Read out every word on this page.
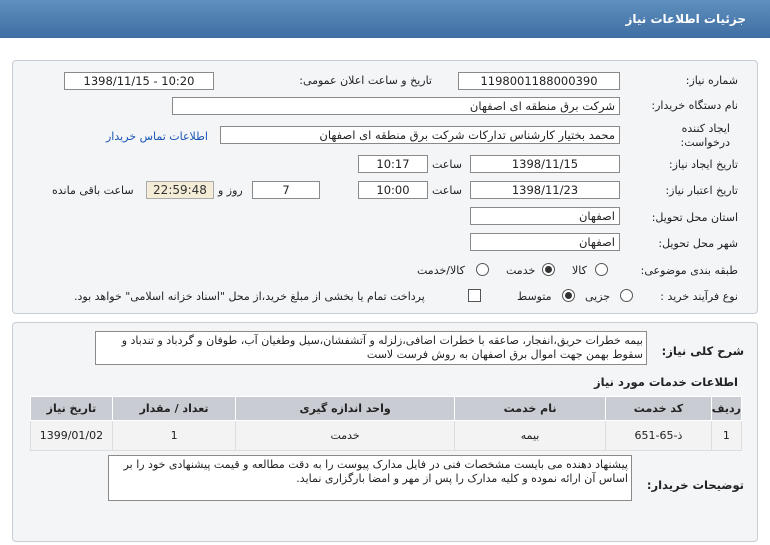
جزئیات اطلاعات نیاز
شماره نیاز:
1198001188000390
تاریخ و ساعت اعلان عمومی:
1398/11/15 - 10:20
نام دستگاه خریدار:
شرکت برق منطقه ای اصفهان
ایجاد کننده
درخواست:
محمد بختیار کارشناس تدارکات شرکت برق منطقه ای اصفهان
اطلاعات تماس خریدار
تاریخ ایجاد نیاز:
1398/11/15
ساعت
10:17
تاریخ اعتبار نیاز:
1398/11/23
ساعت
10:00
7
روز و
22:59:48
ساعت باقی مانده
استان محل تحویل:
اصفهان
شهر محل تحویل:
اصفهان
طبقه بندی موضوعی:
کالا
خدمت
کالا/خدمت
نوع فرآیند خرید :
جزیی
متوسط
پرداخت تمام یا بخشی از مبلغ خرید،از محل "اسناد خزانه اسلامی" خواهد بود.
شرح کلی نیاز:
بیمه خطرات حریق،انفجار، صاعقه با خطرات اضافی،زلزله و آتشفشان،سیل وطغیان آب، طوفان و گردباد و تندباد و سقوط بهمن جهت اموال برق اصفهان به روش فرست لاست
اطلاعات خدمات مورد نیاز
تاریخ نیاز	تعداد / مقدار	واحد اندازه گیری	نام خدمت	کد خدمت	ردیف
1399/01/02	1	خدمت	بیمه	ذ-65-651	1
توضیحات خریدار:
پیشنهاد دهنده می بایست مشخصات فنی در فایل مدارک پیوست را به دقت مطالعه و قیمت پیشنهادی خود را بر اساس آن ارائه نموده و کلیه مدارک را پس از مهر و امضا بارگزاری نماید.
